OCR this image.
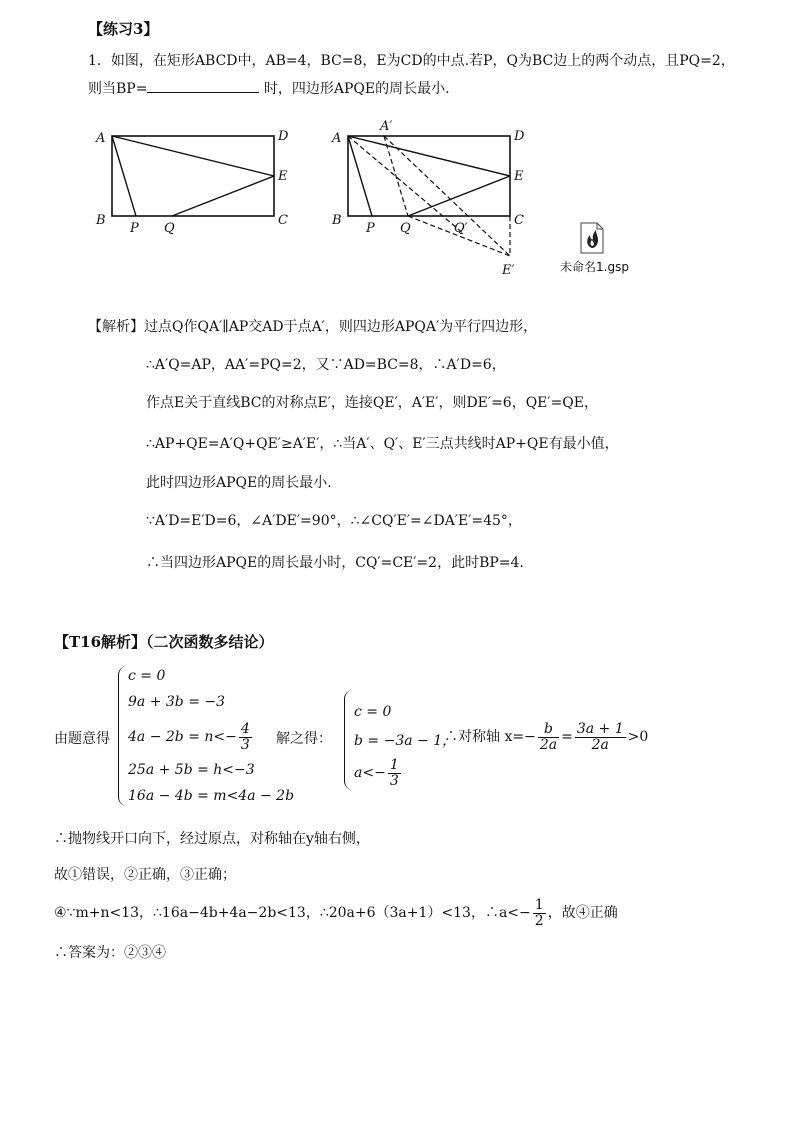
【练习3】
1．如图，在矩形ABCD中，AB=4，BC=8，E为CD的中点.若P，Q为BC边上的两个动点，且PQ=2，
则当BP=	时，四边形APQE的周长最小.
A	D
E
B	C
P Q
A
A′
D
E
B	C
P Q	Q′
E′	未命名1.gsp
【解析】过点Q作QA′∥AP交AD于点A′，则四边形APQA′为平行四边形，
∴A′Q=AP，AA′=PQ=2，又∵AD=BC=8，∴A′D=6，
作点E关于直线BC的对称点E′，连接QE′，A′E′，则DE′=6，QE′=QE，
∴AP+QE=A′Q+QE′≥A′E′，∴当A′、Q′、E′三点共线时AP+QE有最小值，
此时四边形APQE的周长最小.
∵A′D=E′D=6，∠A′DE′=90°，∴∠CQ′E′=∠DA′E′=45°，
∴当四边形APQE的周长最小时，CQ′=CE′=2，此时BP=4.
【T16解析】（二次函数多结论）
由题意得
c = 0
9a + 3b = −3
$4a - 2b = n<- \frac{4}{3}$
25a + 5b = h<−3
16a − 4b = m<4a − 2b
解之得：
c = 0
b = −3a − 1，
$a<- \frac{1}{3}$
∴对称轴 $x=- \frac{b}{2a} = \frac{3a + 1}{2a} >0$
∴抛物线开口向下，经过原点，对称轴在y轴右侧，
故①错误，②正确，③正确；
④∵m+n<13，∴16a−4b+4a−2b<13，∴20a+6（3a+1）<13，∴a<− $\frac{1}{2}$ ，故④正确
∴答案为：②③④
